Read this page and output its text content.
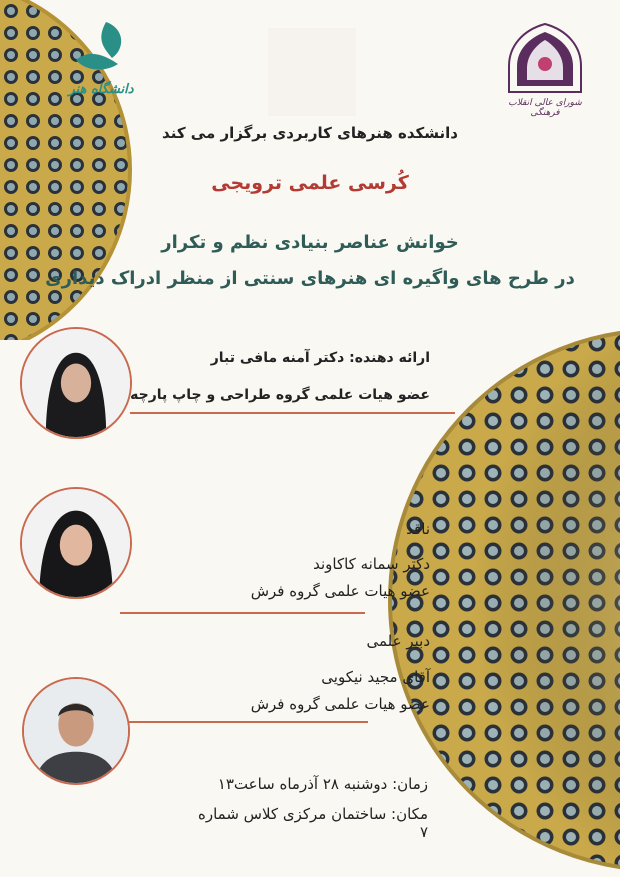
دانشگاه هنر
شورای عالی انقلاب فرهنگی
دانشکده هنرهای کاربردی برگزار می کند
کُرسی علمی ترویجی
خوانش عناصر بنیادی نظم و تکرار
در طرح های واگیره ای هنرهای سنتی از منظر ادراک دیداری
ارائه دهنده: دکتر آمنه مافی تبار
عضو هیات علمی گروه طراحی و چاپ پارچه
ناقد
دکتر سمانه کاکاوند
عضو هیات علمی گروه فرش
دبیر علمی
آقای مجید نیکویی
عضو هیات علمی گروه فرش
زمان: دوشنبه ۲۸ آذرماه ساعت۱۳
مکان: ساختمان مرکزی کلاس شماره ۷
